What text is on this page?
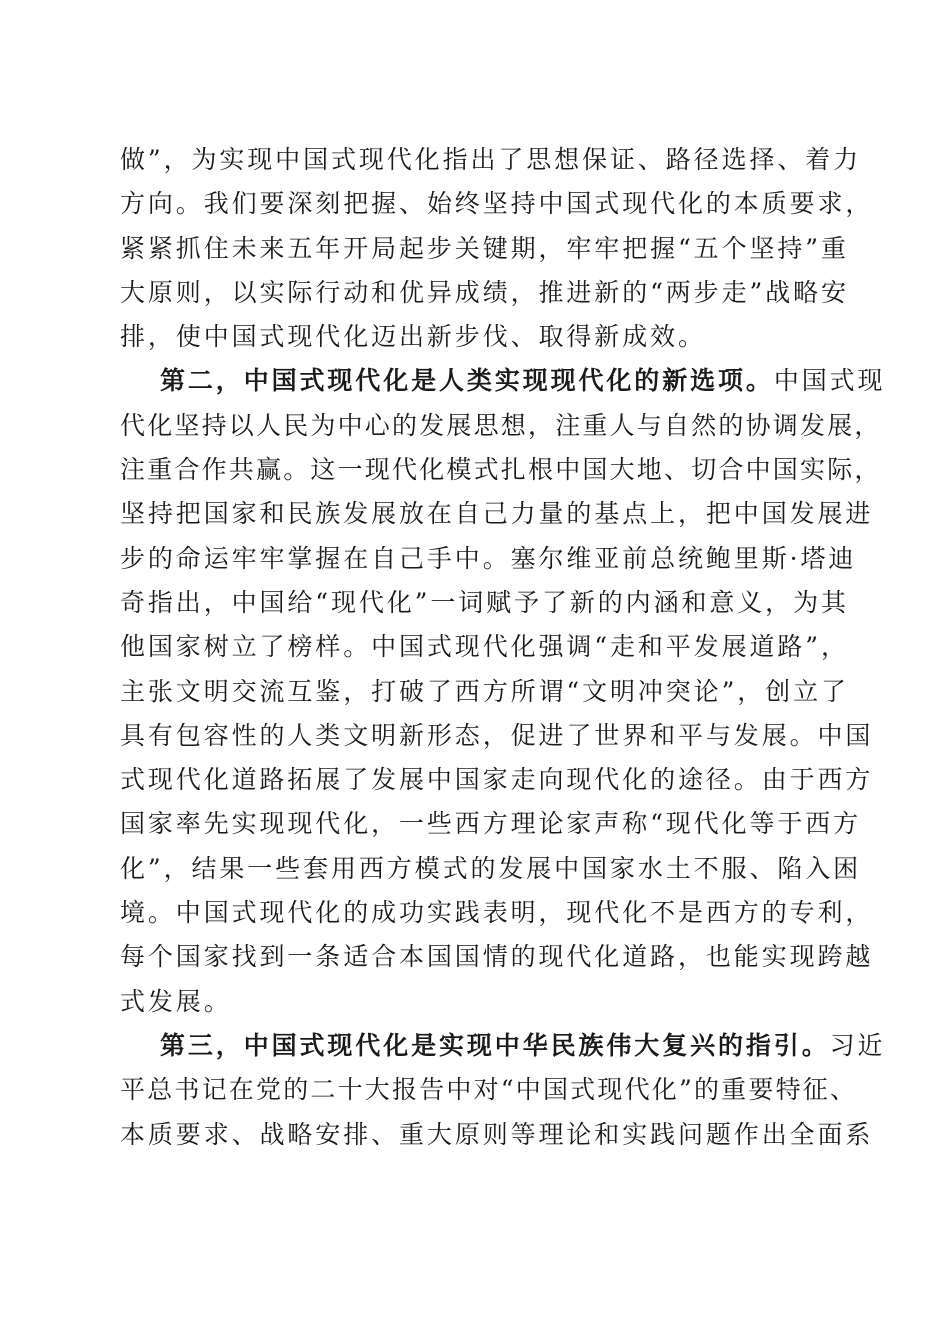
做”，为实现中国式现代化指出了思想保证、路径选择、着力
方向。我们要深刻把握、始终坚持中国式现代化的本质要求，
紧紧抓住未来五年开局起步关键期，牢牢把握“五个坚持”重
大原则，以实际行动和优异成绩，推进新的“两步走”战略安
排，使中国式现代化迈出新步伐、取得新成效。
第二，中国式现代化是人类实现现代化的新选项。中国式现
代化坚持以人民为中心的发展思想，注重人与自然的协调发展，
注重合作共赢。这一现代化模式扎根中国大地、切合中国实际，
坚持把国家和民族发展放在自己力量的基点上，把中国发展进
步的命运牢牢掌握在自己手中。塞尔维亚前总统鲍里斯·塔迪
奇指出，中国给“现代化”一词赋予了新的内涵和意义，为其
他国家树立了榜样。中国式现代化强调“走和平发展道路”，
主张文明交流互鉴，打破了西方所谓“文明冲突论”，创立了
具有包容性的人类文明新形态，促进了世界和平与发展。中国
式现代化道路拓展了发展中国家走向现代化的途径。由于西方
国家率先实现现代化，一些西方理论家声称“现代化等于西方
化”，结果一些套用西方模式的发展中国家水土不服、陷入困
境。中国式现代化的成功实践表明，现代化不是西方的专利，
每个国家找到一条适合本国国情的现代化道路，也能实现跨越
式发展。
第三，中国式现代化是实现中华民族伟大复兴的指引。习近
平总书记在党的二十大报告中对“中国式现代化”的重要特征、
本质要求、战略安排、重大原则等理论和实践问题作出全面系
